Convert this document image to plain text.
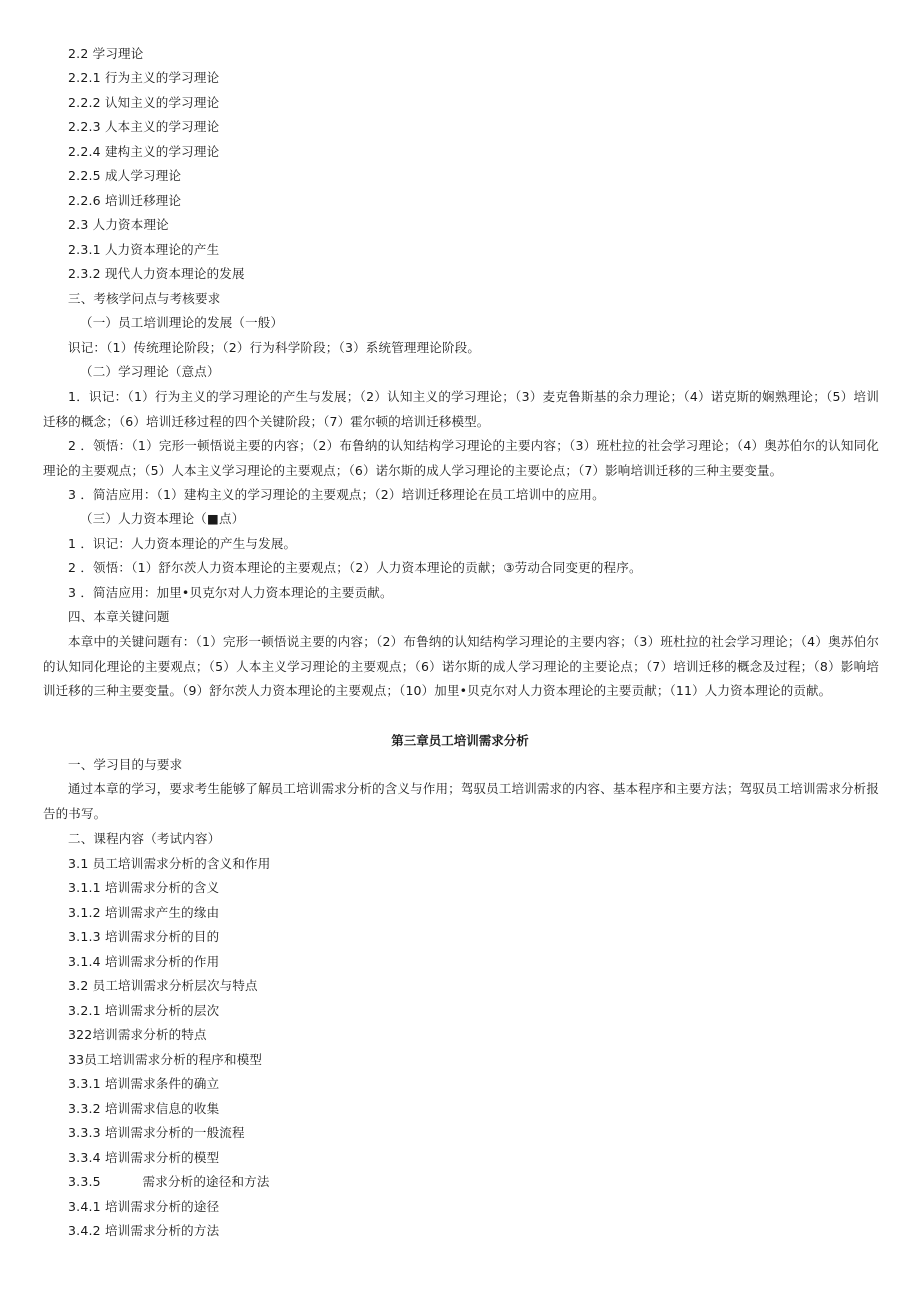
2.2 学习理论
2.2.1 行为主义的学习理论
2.2.2 认知主义的学习理论
2.2.3 人本主义的学习理论
2.2.4 建构主义的学习理论
2.2.5 成人学习理论
2.2.6 培训迁移理论
2.3 人力资本理论
2.3.1 人力资本理论的产生
2.3.2 现代人力资本理论的发展
三、考核学问点与考核要求
（一）员工培训理论的发展（一般）
识记：（1）传统理论阶段；（2）行为科学阶段；（3）系统管理理论阶段。
（二）学习理论（意点）
1．识记：（1）行为主义的学习理论的产生与发展；（2）认知主义的学习理论；（3）麦克鲁斯基的余力理论；（4）诺克斯的娴熟理论；（5）培训迁移的概念；（6）培训迁移过程的四个关键阶段；（7）霍尔顿的培训迁移模型。
2 ．领悟：（1）完形一顿悟说主要的内容；（2）布鲁纳的认知结构学习理论的主要内容；（3）班杜拉的社会学习理论；（4）奥苏伯尔的认知同化理论的主要观点；（5）人本主义学习理论的主要观点；（6）诺尔斯的成人学习理论的主要论点；（7）影响培训迁移的三种主要变量。
3 ．简洁应用：（1）建构主义的学习理论的主要观点；（2）培训迁移理论在员工培训中的应用。
（三）人力资本理论（■点）
1 ．识记：人力资本理论的产生与发展。
2 ．领悟：（1）舒尔茨人力资本理论的主要观点；（2）人力资本理论的贡献；③劳动合同变更的程序。
3 ．简洁应用：加里•贝克尔对人力资本理论的主要贡献。
四、本章关键问题
本章中的关键问题有：（1）完形一顿悟说主要的内容；（2）布鲁纳的认知结构学习理论的主要内容；（3）班杜拉的社会学习理论；（4）奥苏伯尔的认知同化理论的主要观点；（5）人本主义学习理论的主要观点；（6）诺尔斯的成人学习理论的主要论点；（7）培训迁移的概念及过程；（8）影响培训迁移的三种主要变量。（9）舒尔茨人力资本理论的主要观点；（10）加里•贝克尔对人力资本理论的主要贡献；（11）人力资本理论的贡献。
第三章员工培训需求分析
一、学习目的与要求
通过本章的学习，要求考生能够了解员工培训需求分析的含义与作用；驾驭员工培训需求的内容、基本程序和主要方法；驾驭员工培训需求分析报告的书写。
二、课程内容（考试内容）
3.1 员工培训需求分析的含义和作用
3.1.1 培训需求分析的含义
3.1.2 培训需求产生的缘由
3.1.3 培训需求分析的目的
3.1.4 培训需求分析的作用
3.2 员工培训需求分析层次与特点
3.2.1 培训需求分析的层次
322培训需求分析的特点
33员工培训需求分析的程序和模型
3.3.1 培训需求条件的确立
3.3.2 培训需求信息的收集
3.3.3 培训需求分析的一般流程
3.3.4 培训需求分析的模型
3.3.5          需求分析的途径和方法
3.4.1 培训需求分析的途径
3.4.2 培训需求分析的方法
